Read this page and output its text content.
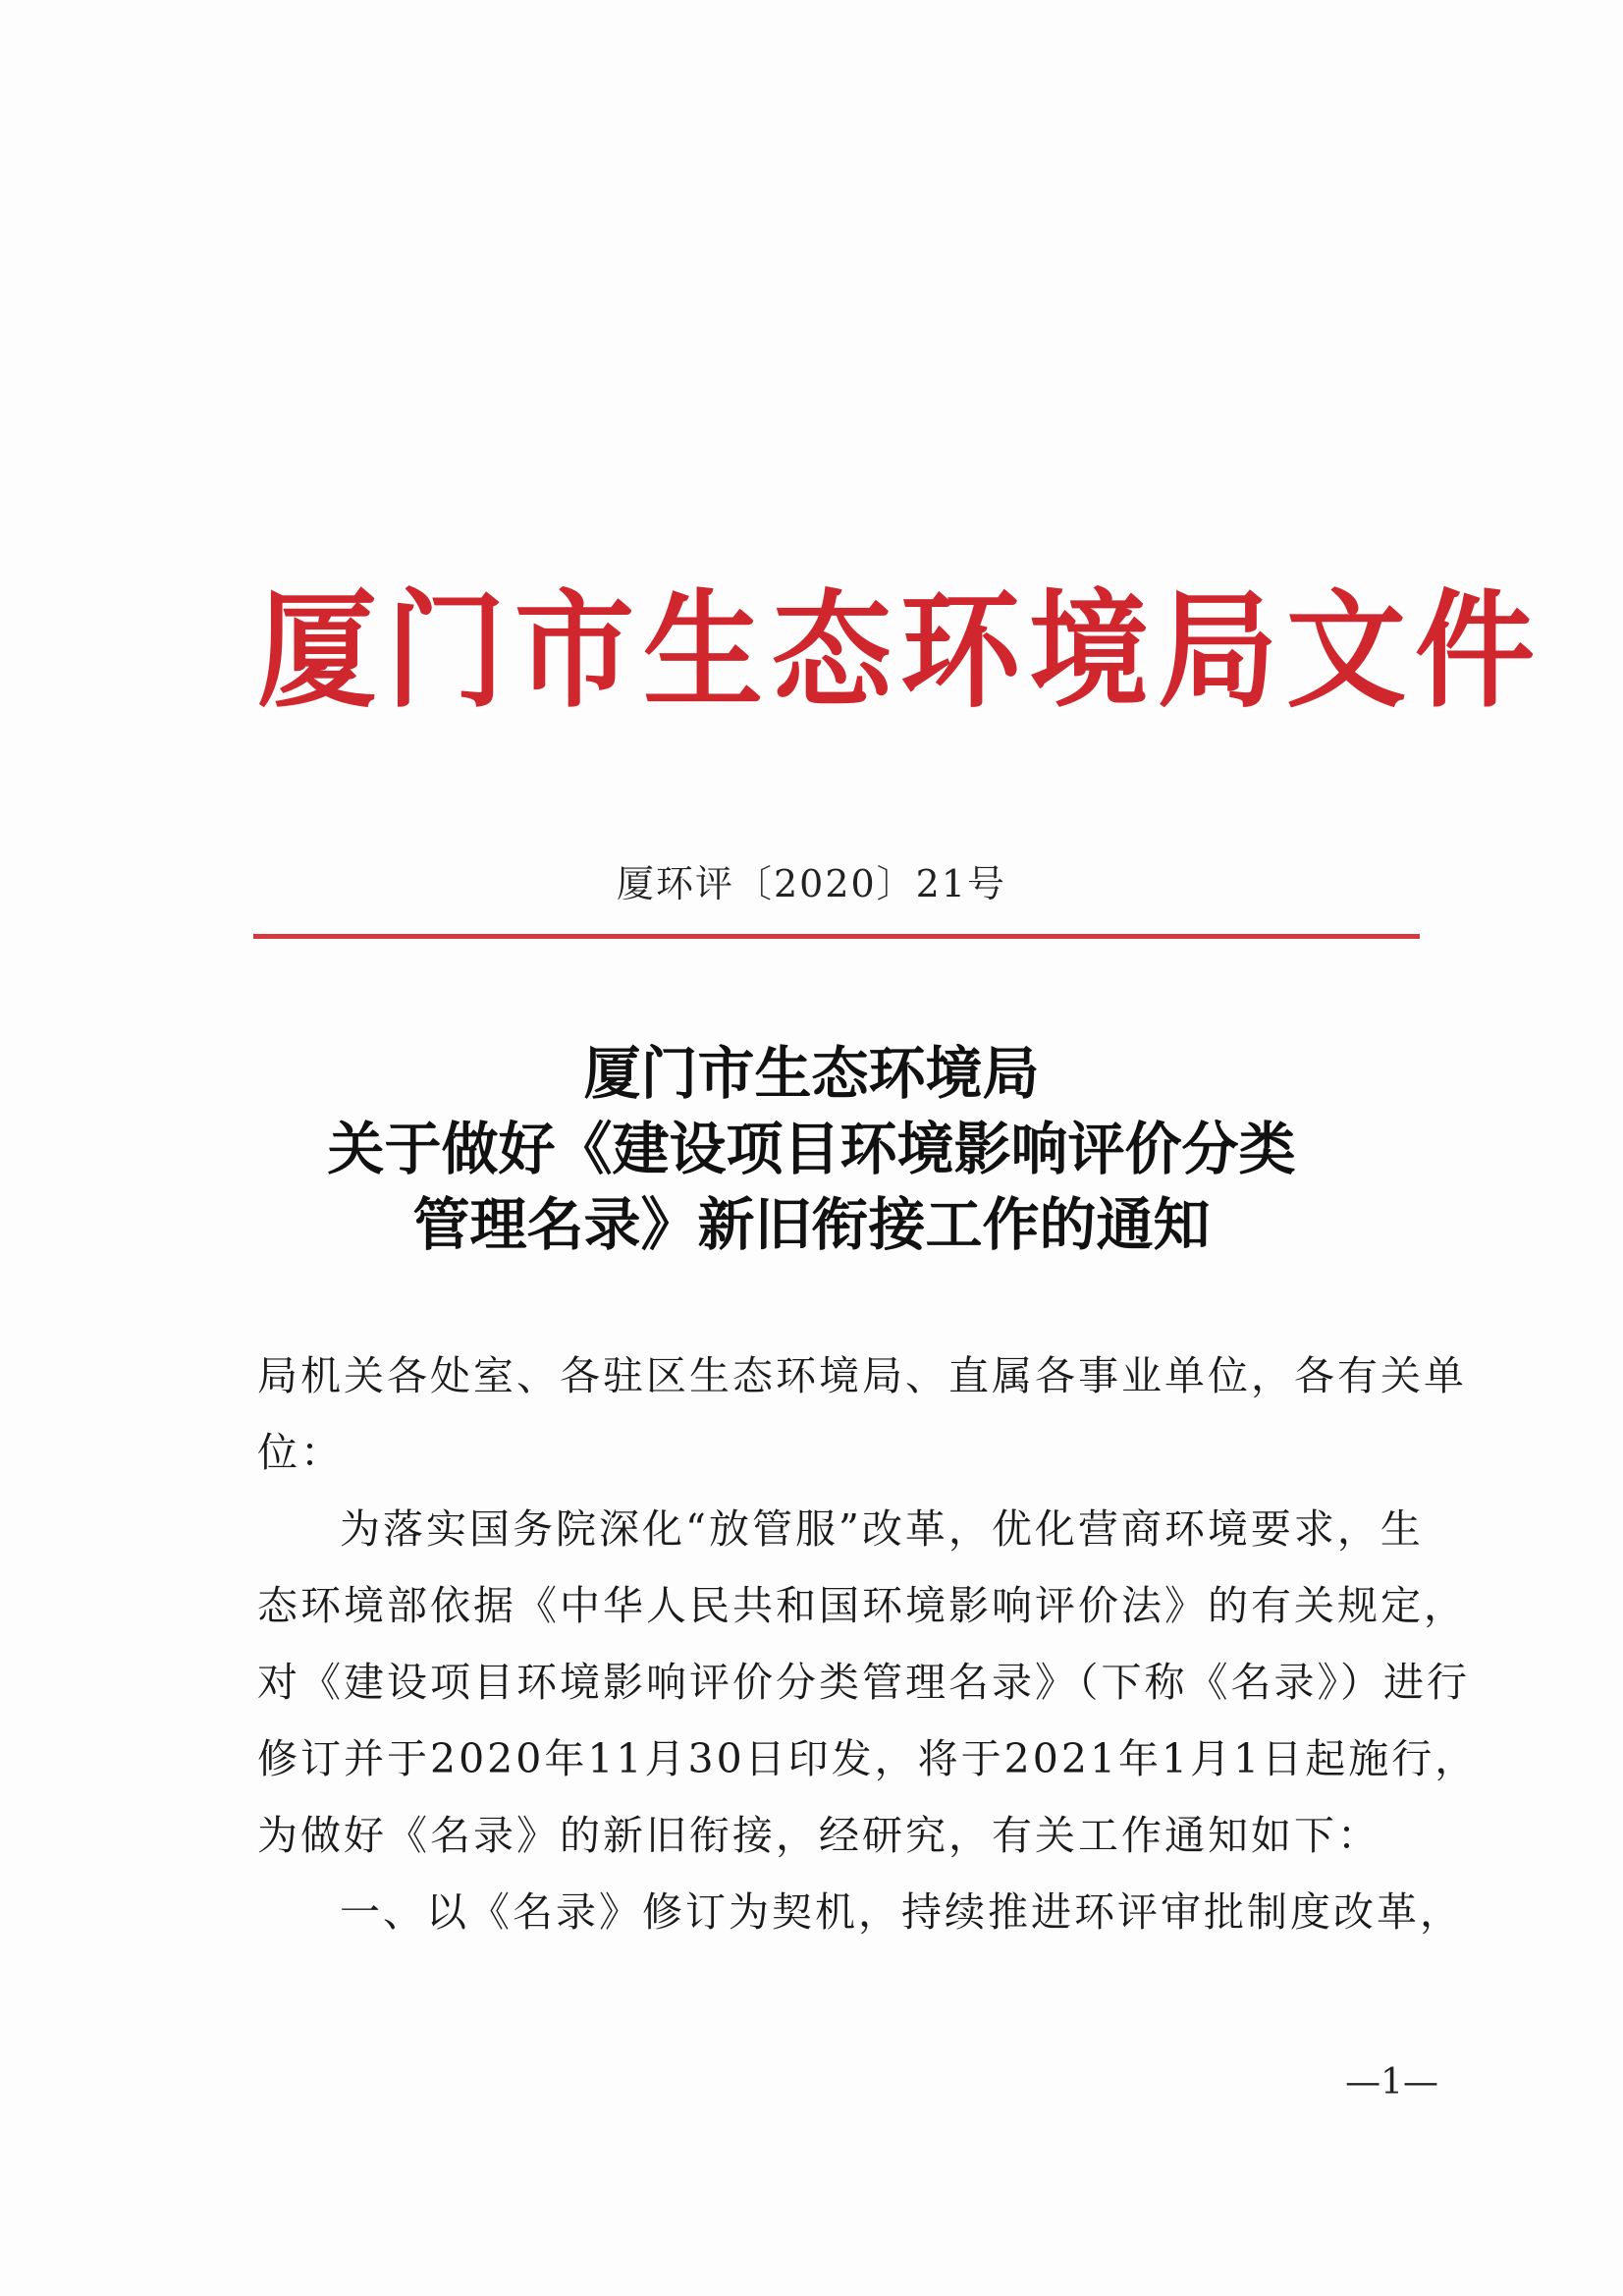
厦门市生态环境局文件
厦环评〔2020〕21号
厦门市生态环境局
关于做好《建设项目环境影响评价分类
管理名录》新旧衔接工作的通知
局机关各处室、各驻区生态环境局、直属各事业单位，各有关单
位：
为落实国务院深化“放管服”改革，优化营商环境要求，生
态环境部依据《中华人民共和国环境影响评价法》的有关规定，
对《建设项目环境影响评价分类管理名录》（下称《名录》）进行
修订并于2020年11月30日印发，将于2021年1月1日起施行，
为做好《名录》的新旧衔接，经研究，有关工作通知如下：
一、以《名录》修订为契机，持续推进环评审批制度改革，
—1—
